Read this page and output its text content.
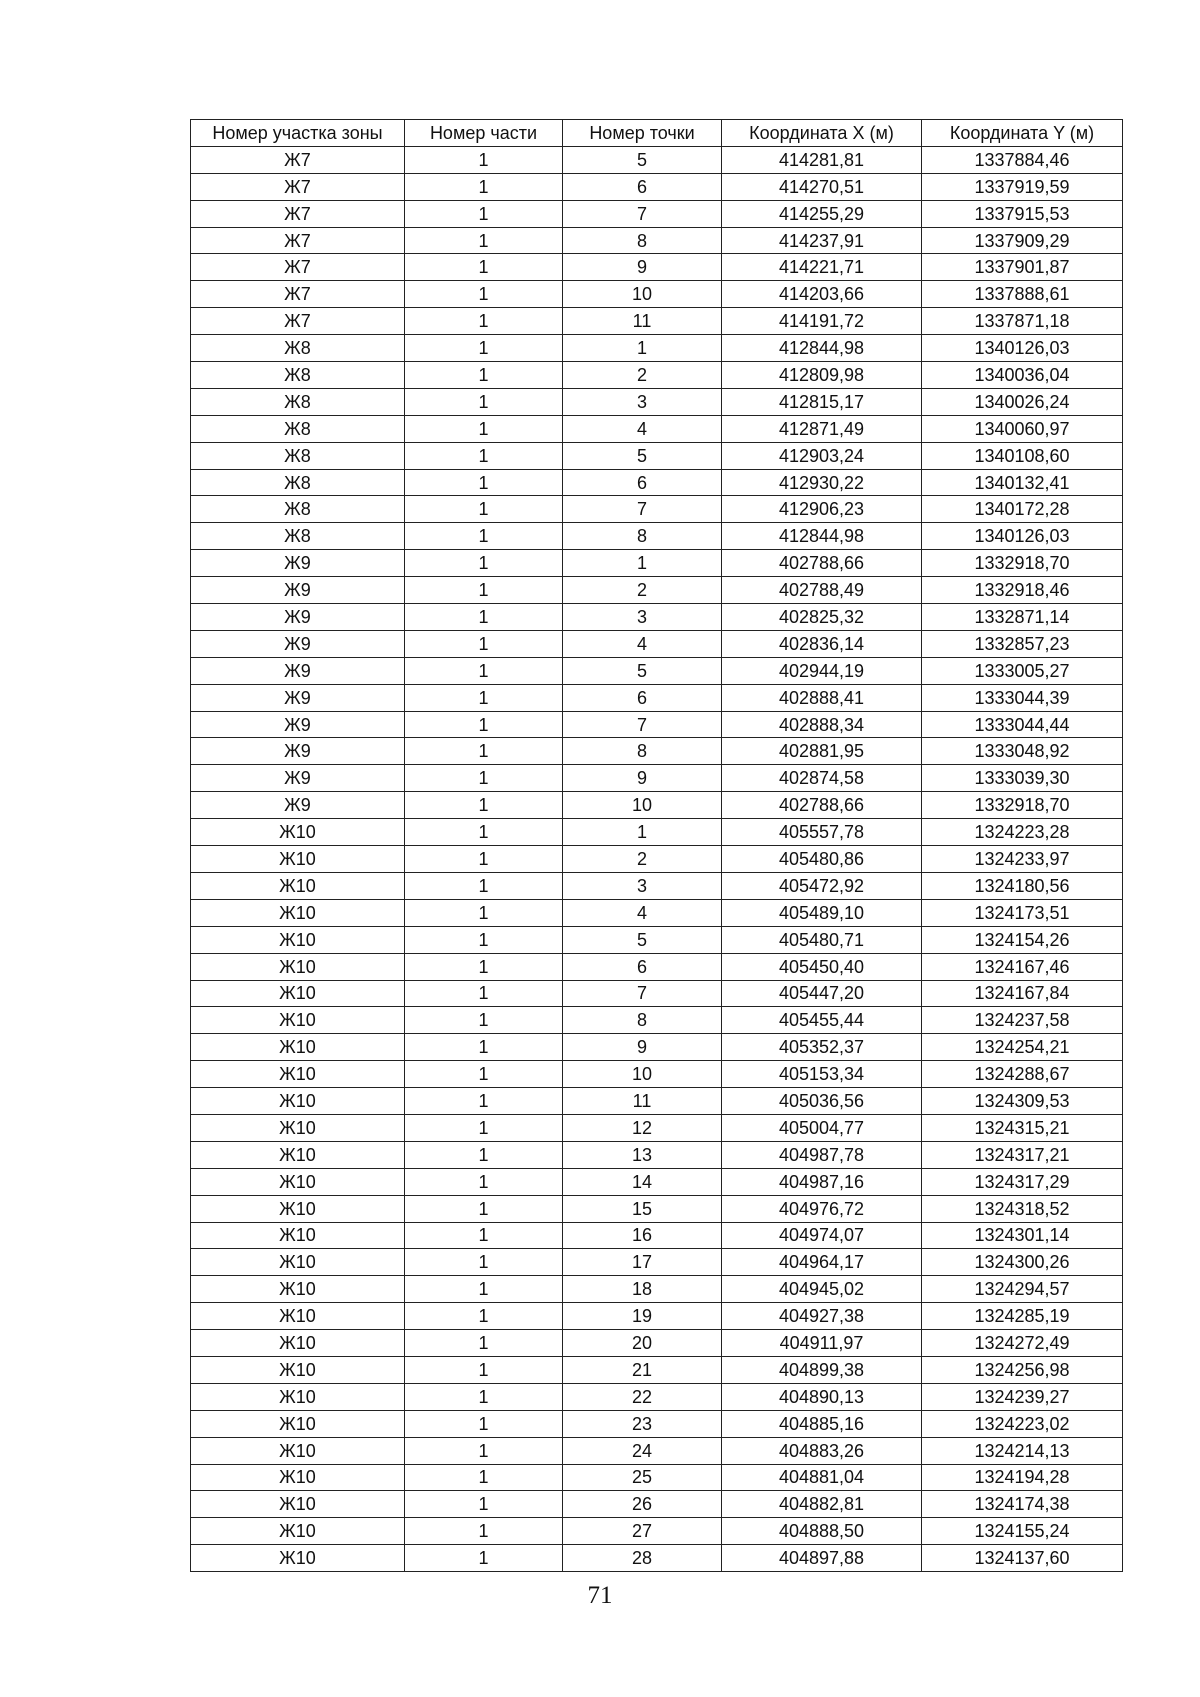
Номер участка зоны	Номер части	Номер точки	Координата X (м)	Координата Y (м)
Ж7	1	5	414281,81	1337884,46
Ж7	1	6	414270,51	1337919,59
Ж7	1	7	414255,29	1337915,53
Ж7	1	8	414237,91	1337909,29
Ж7	1	9	414221,71	1337901,87
Ж7	1	10	414203,66	1337888,61
Ж7	1	11	414191,72	1337871,18
Ж8	1	1	412844,98	1340126,03
Ж8	1	2	412809,98	1340036,04
Ж8	1	3	412815,17	1340026,24
Ж8	1	4	412871,49	1340060,97
Ж8	1	5	412903,24	1340108,60
Ж8	1	6	412930,22	1340132,41
Ж8	1	7	412906,23	1340172,28
Ж8	1	8	412844,98	1340126,03
Ж9	1	1	402788,66	1332918,70
Ж9	1	2	402788,49	1332918,46
Ж9	1	3	402825,32	1332871,14
Ж9	1	4	402836,14	1332857,23
Ж9	1	5	402944,19	1333005,27
Ж9	1	6	402888,41	1333044,39
Ж9	1	7	402888,34	1333044,44
Ж9	1	8	402881,95	1333048,92
Ж9	1	9	402874,58	1333039,30
Ж9	1	10	402788,66	1332918,70
Ж10	1	1	405557,78	1324223,28
Ж10	1	2	405480,86	1324233,97
Ж10	1	3	405472,92	1324180,56
Ж10	1	4	405489,10	1324173,51
Ж10	1	5	405480,71	1324154,26
Ж10	1	6	405450,40	1324167,46
Ж10	1	7	405447,20	1324167,84
Ж10	1	8	405455,44	1324237,58
Ж10	1	9	405352,37	1324254,21
Ж10	1	10	405153,34	1324288,67
Ж10	1	11	405036,56	1324309,53
Ж10	1	12	405004,77	1324315,21
Ж10	1	13	404987,78	1324317,21
Ж10	1	14	404987,16	1324317,29
Ж10	1	15	404976,72	1324318,52
Ж10	1	16	404974,07	1324301,14
Ж10	1	17	404964,17	1324300,26
Ж10	1	18	404945,02	1324294,57
Ж10	1	19	404927,38	1324285,19
Ж10	1	20	404911,97	1324272,49
Ж10	1	21	404899,38	1324256,98
Ж10	1	22	404890,13	1324239,27
Ж10	1	23	404885,16	1324223,02
Ж10	1	24	404883,26	1324214,13
Ж10	1	25	404881,04	1324194,28
Ж10	1	26	404882,81	1324174,38
Ж10	1	27	404888,50	1324155,24
Ж10	1	28	404897,88	1324137,60
71
